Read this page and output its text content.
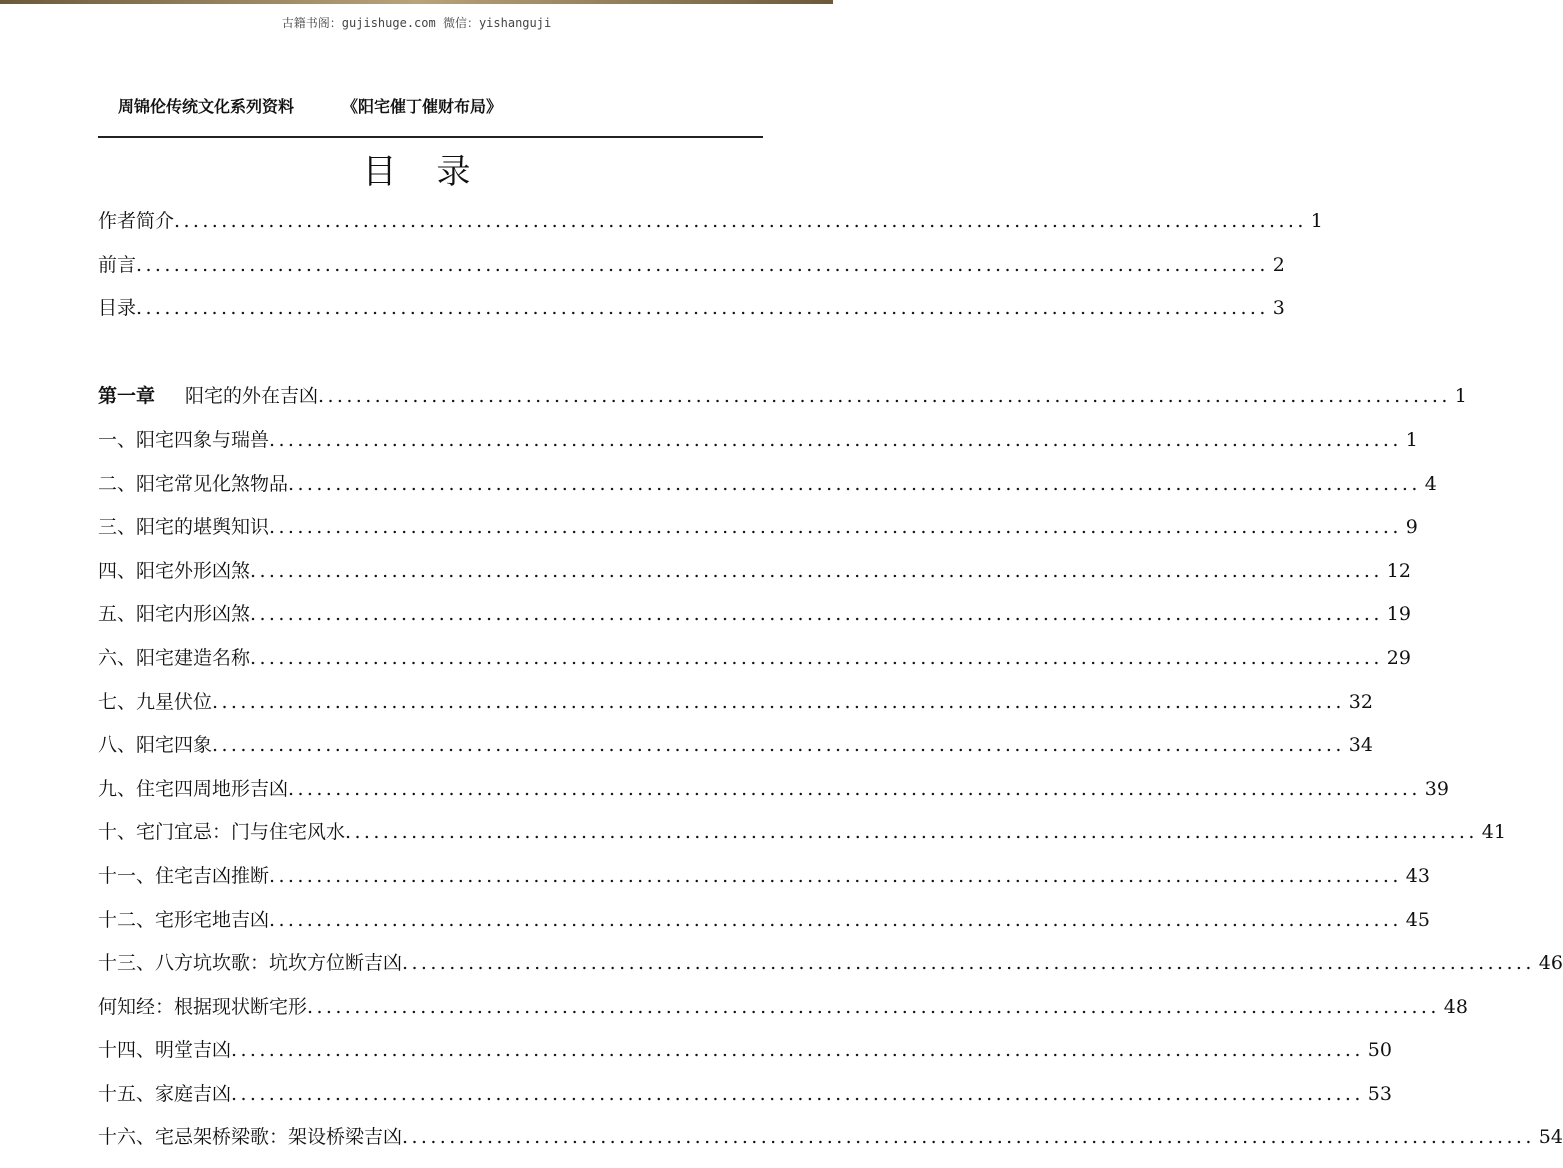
古籍书阁：gujishuge.com 微信：yishanguji
周锦伦传统文化系列资料	《阳宅催丁催财布局》
目录
作者简介 ........................................................................................................................ 1
前言 ........................................................................................................................ 2
目录 ........................................................................................................................ 3
第一章 阳宅的外在吉凶 ........................................................................................................................ 1
一、阳宅四象与瑞兽 ........................................................................................................................ 1
二、阳宅常见化煞物品 ........................................................................................................................ 4
三、阳宅的堪舆知识 ........................................................................................................................ 9
四、阳宅外形凶煞 ........................................................................................................................ 12
五、阳宅内形凶煞 ........................................................................................................................ 19
六、阳宅建造名称 ........................................................................................................................ 29
七、九星伏位 ........................................................................................................................ 32
八、阳宅四象 ........................................................................................................................ 34
九、住宅四周地形吉凶 ........................................................................................................................ 39
十、宅门宜忌：门与住宅风水 ........................................................................................................................ 41
十一、住宅吉凶推断 ........................................................................................................................ 43
十二、宅形宅地吉凶 ........................................................................................................................ 45
十三、八方坑坎歌：坑坎方位断吉凶 ........................................................................................................................ 46
何知经：根据现状断宅形 ........................................................................................................................ 48
十四、明堂吉凶 ........................................................................................................................ 50
十五、家庭吉凶 ........................................................................................................................ 53
十六、宅忌架桥梁歌：架设桥梁吉凶 ........................................................................................................................ 54
